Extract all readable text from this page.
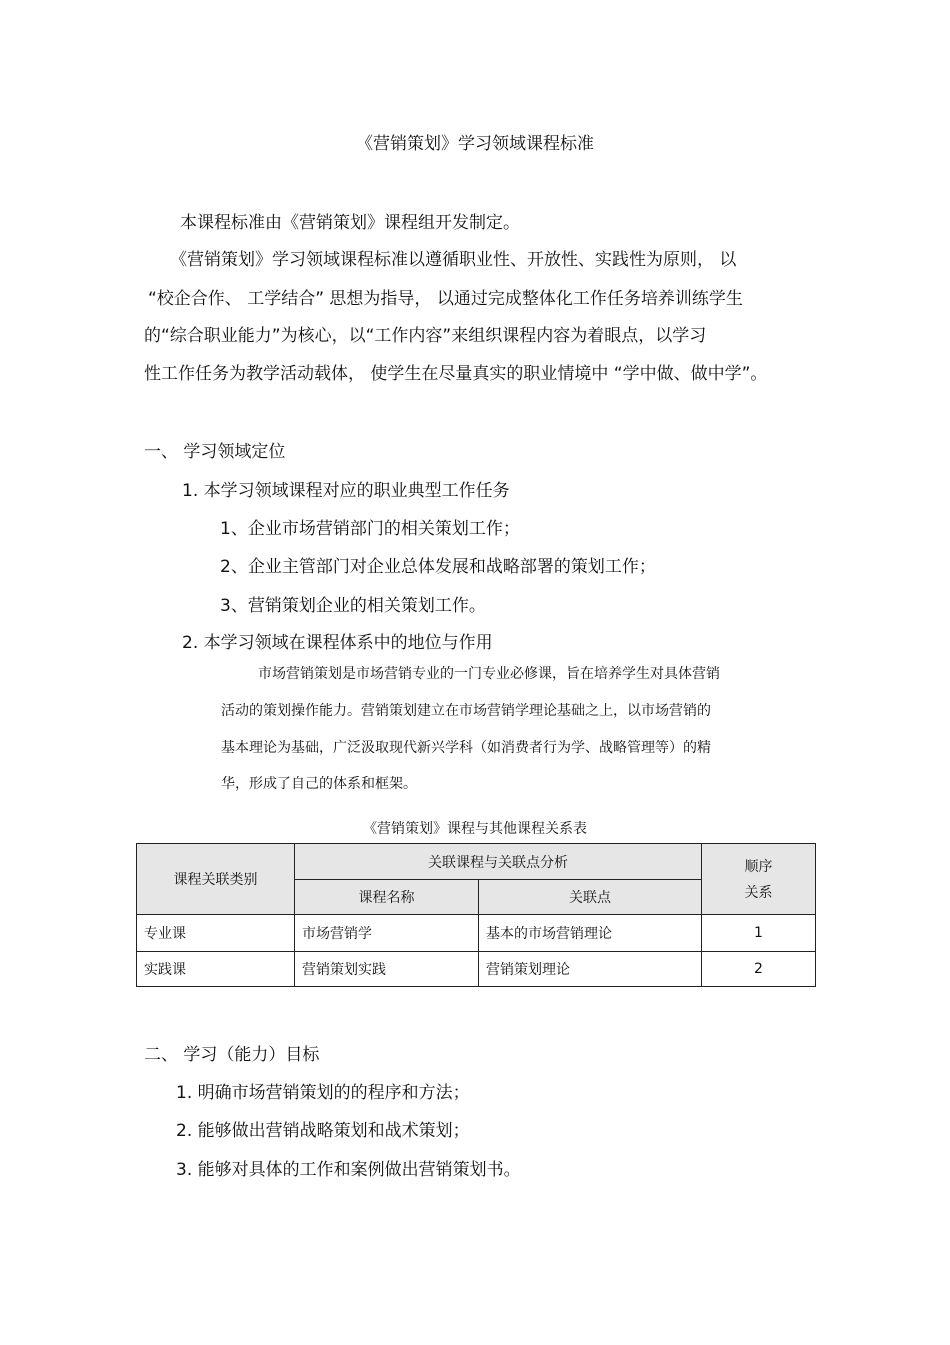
《营销策划》学习领域课程标准
本课程标准由《营销策划》课程组开发制定。
《营销策划》学习领域课程标准以遵循职业性、开放性、实践性为原则， 以
“校企合作、 工学结合” 思想为指导， 以通过完成整体化工作任务培养训练学生
的“综合职业能力”为核心，以“工作内容”来组织课程内容为着眼点，以学习
性工作任务为教学活动载体， 使学生在尽量真实的职业情境中 “学中做、做中学”。
一、 学习领域定位
1. 本学习领域课程对应的职业典型工作任务
1、企业市场营销部门的相关策划工作；
2、企业主管部门对企业总体发展和战略部署的策划工作；
3、营销策划企业的相关策划工作。
2. 本学习领域在课程体系中的地位与作用
市场营销策划是市场营销专业的一门专业必修课，旨在培养学生对具体营销
活动的策划操作能力。营销策划建立在市场营销学理论基础之上，以市场营销的
基本理论为基础，广泛汲取现代新兴学科（如消费者行为学、战略管理等）的精
华，形成了自己的体系和框架。
《营销策划》课程与其他课程关系表
课程关联类别	关联课程与关联点分析		顺序
关系

	课程名称	关联点	
专业课	市场营销学	基本的市场营销理论	1
实践课	营销策划实践	营销策划理论	2
二、 学习（能力）目标
1. 明确市场营销策划的的程序和方法；
2. 能够做出营销战略策划和战术策划；
3. 能够对具体的工作和案例做出营销策划书。
